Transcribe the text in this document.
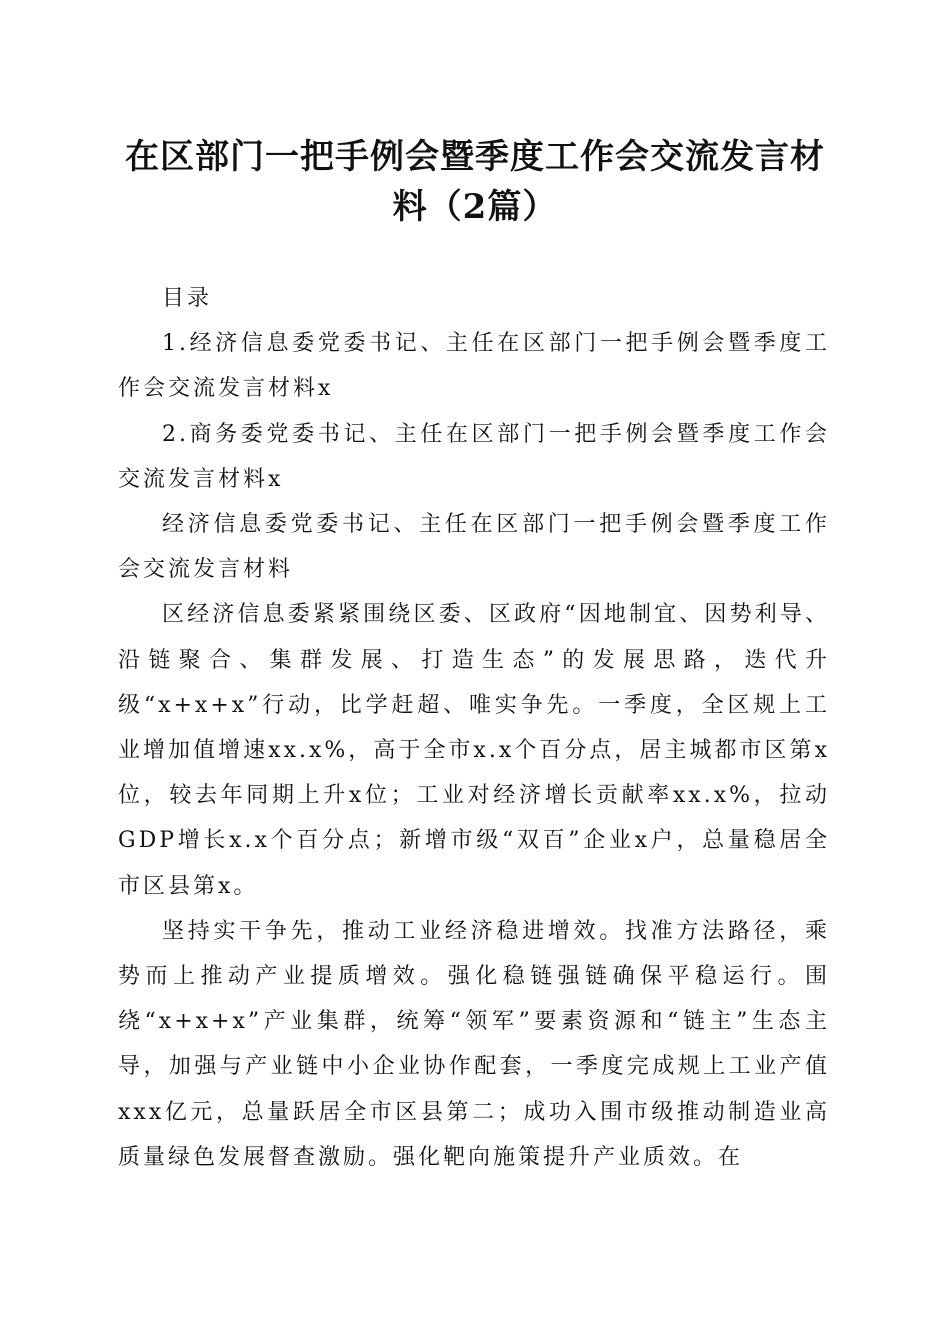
在区部门一把手例会暨季度工作会交流发言材料（2篇）

目录

1.经济信息委党委书记、主任在区部门一把手例会暨季度工作会交流发言材料x

2.商务委党委书记、主任在区部门一把手例会暨季度工作会交流发言材料x

经济信息委党委书记、主任在区部门一把手例会暨季度工作会交流发言材料

区经济信息委紧紧围绕区委、区政府“因地制宜、因势利导、沿链聚合、集群发展、打造生态”的发展思路，迭代升级“x+x+x”行动，比学赶超、唯实争先。一季度，全区规上工业增加值增速xx.x%，高于全市x.x个百分点，居主城都市区第x位，较去年同期上升x位；工业对经济增长贡献率xx.x%，拉动GDP增长x.x个百分点；新增市级“双百”企业x户，总量稳居全市区县第x。

坚持实干争先，推动工业经济稳进增效。找准方法路径，乘势而上推动产业提质增效。强化稳链强链确保平稳运行。围绕“x+x+x”产业集群，统筹“领军”要素资源和“链主”生态主导，加强与产业链中小企业协作配套，一季度完成规上工业产值xxx亿元，总量跃居全市区县第二；成功入围市级推动制造业高质量绿色发展督查激励。强化靶向施策提升产业质效。在
